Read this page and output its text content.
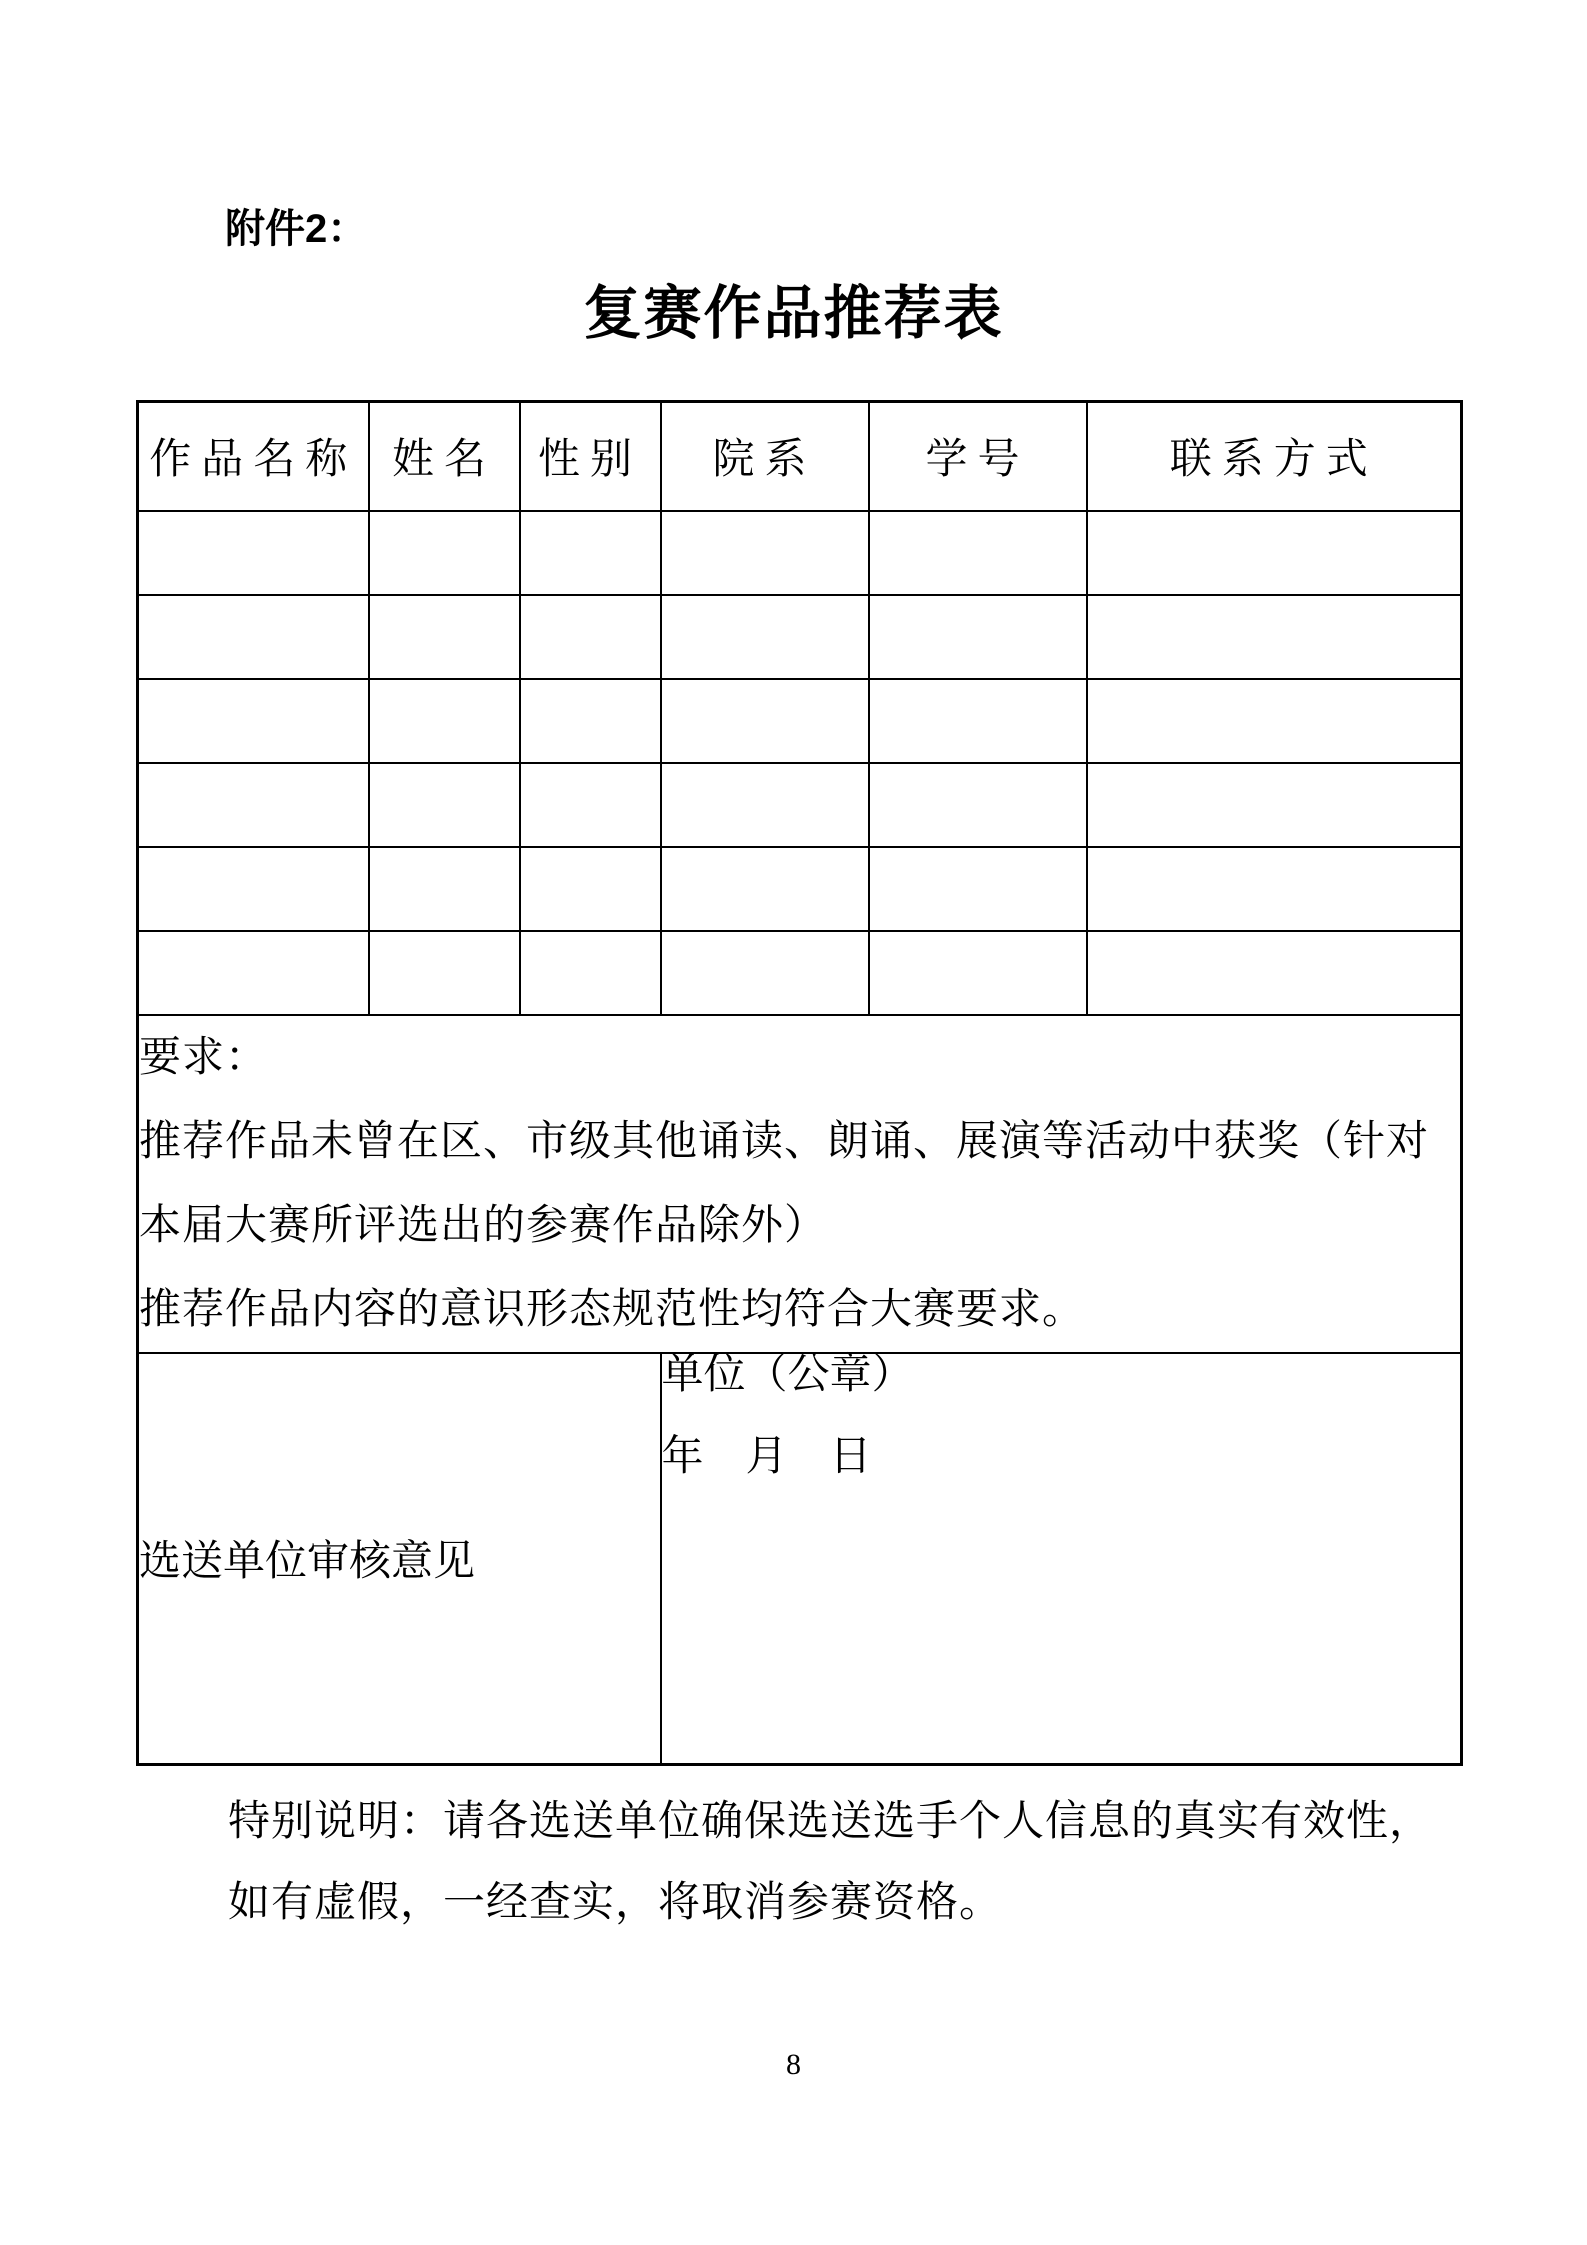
附件2：
复赛作品推荐表
作品名称	姓名	性别	院系	学号	联系方式

要求：
推荐作品未曾在区、市级其他诵读、朗诵、展演等活动中获奖（针对
本届大赛所评选出的参赛作品除外）
推荐作品内容的意识形态规范性均符合大赛要求。					

选送单位审核意见			单位（公章）
年　月　日		
特别说明：请各选送单位确保选送选手个人信息的真实有效性，
如有虚假，一经查实，将取消参赛资格。
8
